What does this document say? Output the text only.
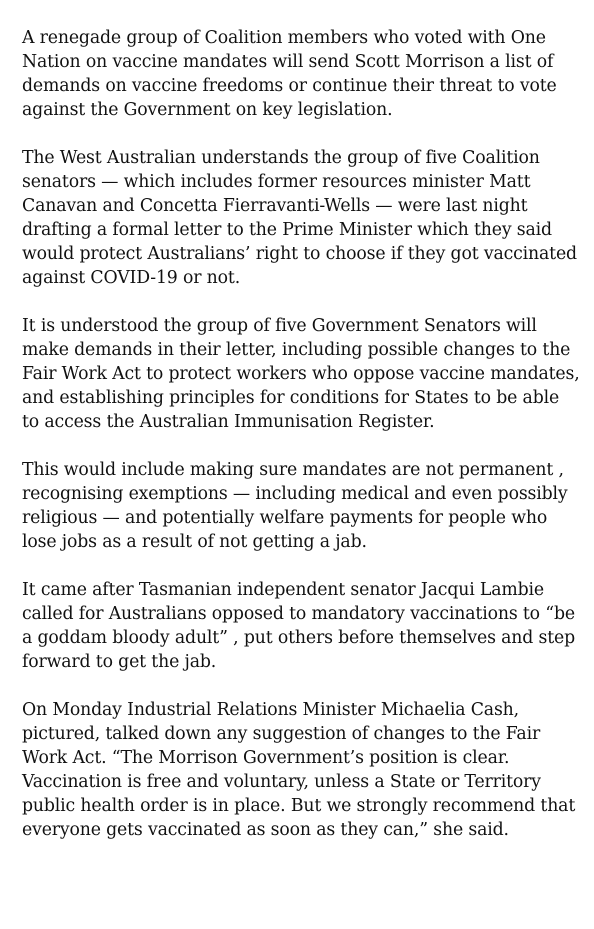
A renegade group of Coalition members who voted with One Nation on vaccine mandates will send Scott Morrison a list of demands on vaccine freedoms or continue their threat to vote against the Government on key legislation.

The West Australian understands the group of five Coalition senators — which includes former resources minister Matt Canavan and Concetta Fierravanti-Wells — were last night drafting a formal letter to the Prime Minister which they said would protect Australians’ right to choose if they got vaccinated against COVID-19 or not.

It is understood the group of five Government Senators will make demands in their letter, including possible changes to the Fair Work Act to protect workers who oppose vaccine mandates, and establishing principles for conditions for States to be able to access the Australian Immunisation Register.

This would include making sure mandates are not permanent , recognising exemptions — including medical and even possibly religious — and potentially welfare payments for people who lose jobs as a result of not getting a jab.

It came after Tasmanian independent senator Jacqui Lambie called for Australians opposed to mandatory vaccinations to “be a goddam bloody adult” , put others before themselves and step forward to get the jab.

On Monday Industrial Relations Minister Michaelia Cash, pictured, talked down any suggestion of changes to the Fair Work Act. “The Morrison Government’s position is clear. Vaccination is free and voluntary, unless a State or Territory public health order is in place. But we strongly recommend that everyone gets vaccinated as soon as they can,” she said.
